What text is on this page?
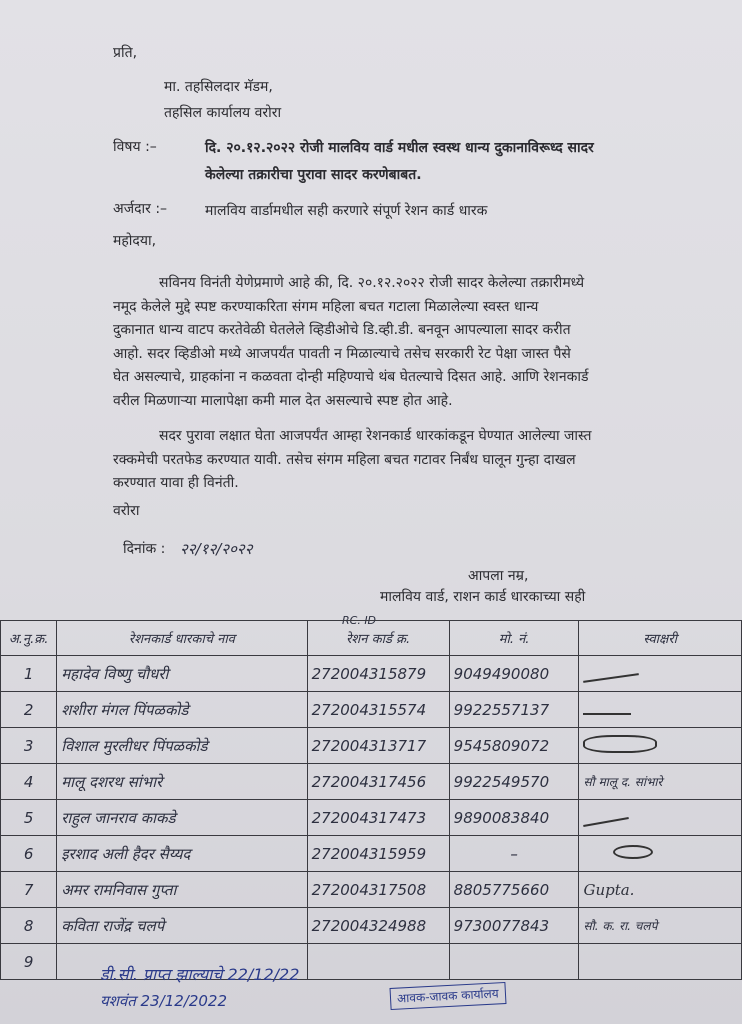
प्रति,
मा. तहसिलदार मॅडम,
तहसिल कार्यालय वरोरा
विषय :–	दि. २०.१२.२०२२ रोजी मालविय वार्ड मधील स्वस्थ धान्य दुकानाविरूध्द सादर
केलेल्या तक्रारीचा पुरावा सादर करणेबाबत.
अर्जदार :–	मालविय वार्डामधील सही करणारे संपूर्ण रेशन कार्ड धारक
महोदया,
सविनय विनंती येणेप्रमाणे आहे की, दि. २०.१२.२०२२ रोजी सादर केलेल्या तक्रारीमध्ये
नमूद केलेले मुद्दे स्पष्ट करण्याकरिता संगम महिला बचत गटाला मिळालेल्या स्वस्त धान्य
दुकानात धान्य वाटप करतेवेळी घेतलेले व्हिडीओचे डि.व्ही.डी. बनवून आपल्याला सादर करीत
आहो. सदर व्हिडीओ मध्ये आजपर्यंत पावती न मिळाल्याचे तसेच सरकारी रेट पेक्षा जास्त पैसे
घेत असल्याचे, ग्राहकांना न कळवता दोन्ही महिण्याचे थंब घेतल्याचे दिसत आहे. आणि रेशनकार्ड
वरील मिळणाऱ्या मालापेक्षा कमी माल देत असल्याचे स्पष्ट होत आहे.
सदर पुरावा लक्षात घेता आजपर्यंत आम्हा रेशनकार्ड धारकांकडून घेण्यात आलेल्या जास्त
रक्कमेची परतफेड करण्यात यावी. तसेच संगम महिला बचत गटावर निर्बंध घालून गुन्हा दाखल
करण्यात यावा ही विनंती.
वरोरा
दिनांक : २२/१२/२०२२
आपला नम्र,
मालविय वार्ड, राशन कार्ड धारकाच्या सही
RC. ID
अ.नु.क्र.	रेशनकार्ड धारकाचे नाव	रेशन कार्ड क्र.	मो. नं.	स्वाक्षरी
1	महादेव विष्णु चौधरी	272004315879	9049490080	
2	शशीरा मंगल पिंपळकोडे	272004315574	9922557137	
3	विशाल मुरलीधर पिंपळकोडे	272004313717	9545809072	
4	मालू दशरथ सांभारे	272004317456	9922549570	सौ मालू द. सांभारे
5	राहुल जानराव काकडे	272004317473	9890083840	
6	इरशाद अली हैदर सैय्यद	272004315959	–	
7	अमर रामनिवास गुप्ता	272004317508	8805775660	Gupta.
8	कविता राजेंद्र चलपे	272004324988	9730077843	सौ. क. रा. चलपे
9				
डी.सी. प्राप्त झाल्याचे 22/12/22
यशवंत 23/12/2022	आवक-जावक कार्यालय
